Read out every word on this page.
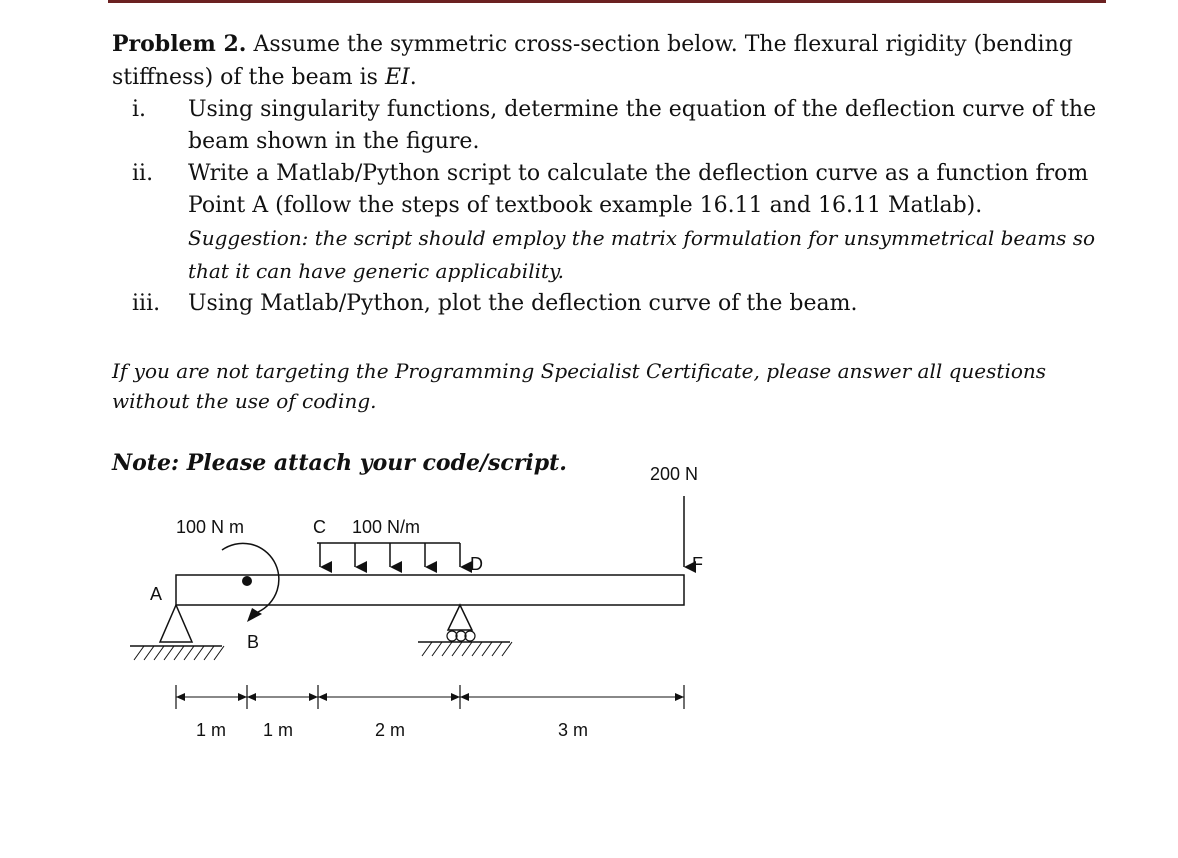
Problem 2. Assume the symmetric cross-section below. The flexural rigidity (bending stiffness) of the beam is EI.

i.	Using singularity functions, determine the equation of the deflection curve of the beam shown in the figure.
ii.	Write a Matlab/Python script to calculate the deflection curve as a function from Point A (follow the steps of textbook example 16.11 and 16.11 Matlab). Suggestion: the script should employ the matrix formulation for unsymmetrical beams so that it can have generic applicability.
iii.	Using Matlab/Python, plot the deflection curve of the beam.

If you are not targeting the Programming Specialist Certificate, please answer all questions without the use of coding.

Note: Please attach your code/script.

A
100 N m
B
C 100 N/m
D
200 N
F
1 m 1 m	2 m	3 m
